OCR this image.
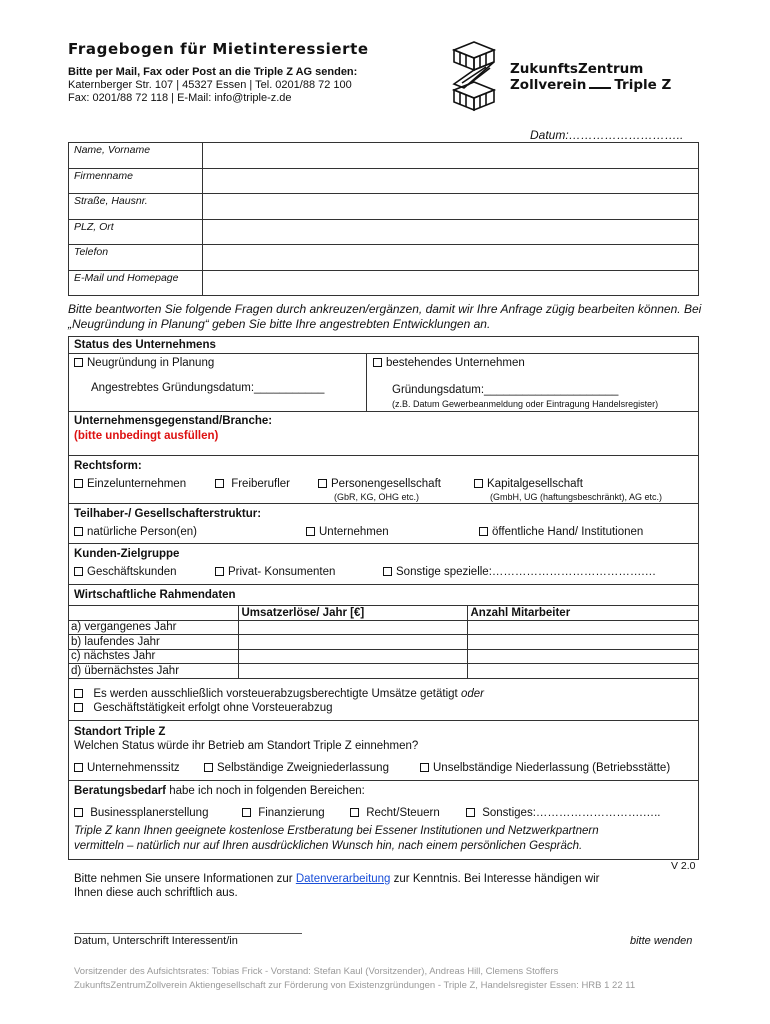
Fragebogen für Mietinteressierte
Bitte per Mail, Fax oder Post an die Triple Z AG senden:
Katernberger Str. 107 | 45327 Essen | Tel. 0201/88 72 100
Fax: 0201/88 72 118 | E-Mail: info@triple-z.de
ZukunftsZentrum
Zollverein Triple Z
Datum:………………………..
Name, Vorname	
Firmenname	
Straße, Hausnr.	
PLZ, Ort	
Telefon	
E-Mail und Homepage	
Bitte beantworten Sie folgende Fragen durch ankreuzen/ergänzen, damit wir Ihre Anfrage zügig bearbeiten können. Bei „Neugründung in Planung“ geben Sie bitte Ihre angestrebten Entwicklungen an.
Status des Unternehmens
Neugründung in Planung
Angestrebtes Gründungsdatum:___________
bestehendes Unternehmen
Gründungsdatum:_____________________
(z.B. Datum Gewerbeanmeldung oder Eintragung Handelsregister)
Unternehmensgegenstand/Branche:
(bitte unbedingt ausfüllen)
Rechtsform:
Einzelunternehmen	Freiberufler	Personengesellschaft
(GbR, KG, OHG etc.)
Kapitalgesellschaft
(GmbH, UG (haftungsbeschränkt), AG etc.)
Teilhaber-/ Gesellschafterstruktur:
natürliche Person(en)	Unternehmen	öffentliche Hand/ Institutionen
Kunden-Zielgruppe
Geschäftskunden	Privat- Konsumenten	Sonstige spezielle:………………………………….…
Wirtschaftliche Rahmendaten
	Umsatzerlöse/ Jahr [€]	Anzahl Mitarbeiter
a) vergangenes Jahr		
b) laufendes Jahr		
c) nächstes Jahr		
d) übernächstes Jahr		
Es werden ausschließlich vorsteuerabzugsberechtigte Umsätze getätigt oder
Geschäftstätigkeit erfolgt ohne Vorsteuerabzug
Standort Triple Z
Welchen Status würde ihr Betrieb am Standort Triple Z einnehmen?
Unternehmenssitz	Selbständige Zweigniederlassung	Unselbständige Niederlassung (Betriebsstätte)
Beratungsbedarf habe ich noch in folgenden Bereichen:
Businessplanerstellung	Finanzierung	Recht/Steuern	Sonstiges:……………………….…..
Triple Z kann Ihnen geeignete kostenlose Erstberatung bei Essener Institutionen und Netzwerkpartnern
vermitteln – natürlich nur auf Ihren ausdrücklichen Wunsch hin, nach einem persönlichen Gespräch.
V 2.0
Bitte nehmen Sie unsere Informationen zur Datenverarbeitung zur Kenntnis. Bei Interesse händigen wir
Ihnen diese auch schriftlich aus.
Datum, Unterschrift Interessent/in	bitte wenden
Vorsitzender des Aufsichtsrates: Tobias Frick - Vorstand: Stefan Kaul (Vorsitzender), Andreas Hill, Clemens Stoffers
ZukunftsZentrumZollverein Aktiengesellschaft zur Förderung von Existenzgründungen - Triple Z, Handelsregister Essen: HRB 1 22 11
